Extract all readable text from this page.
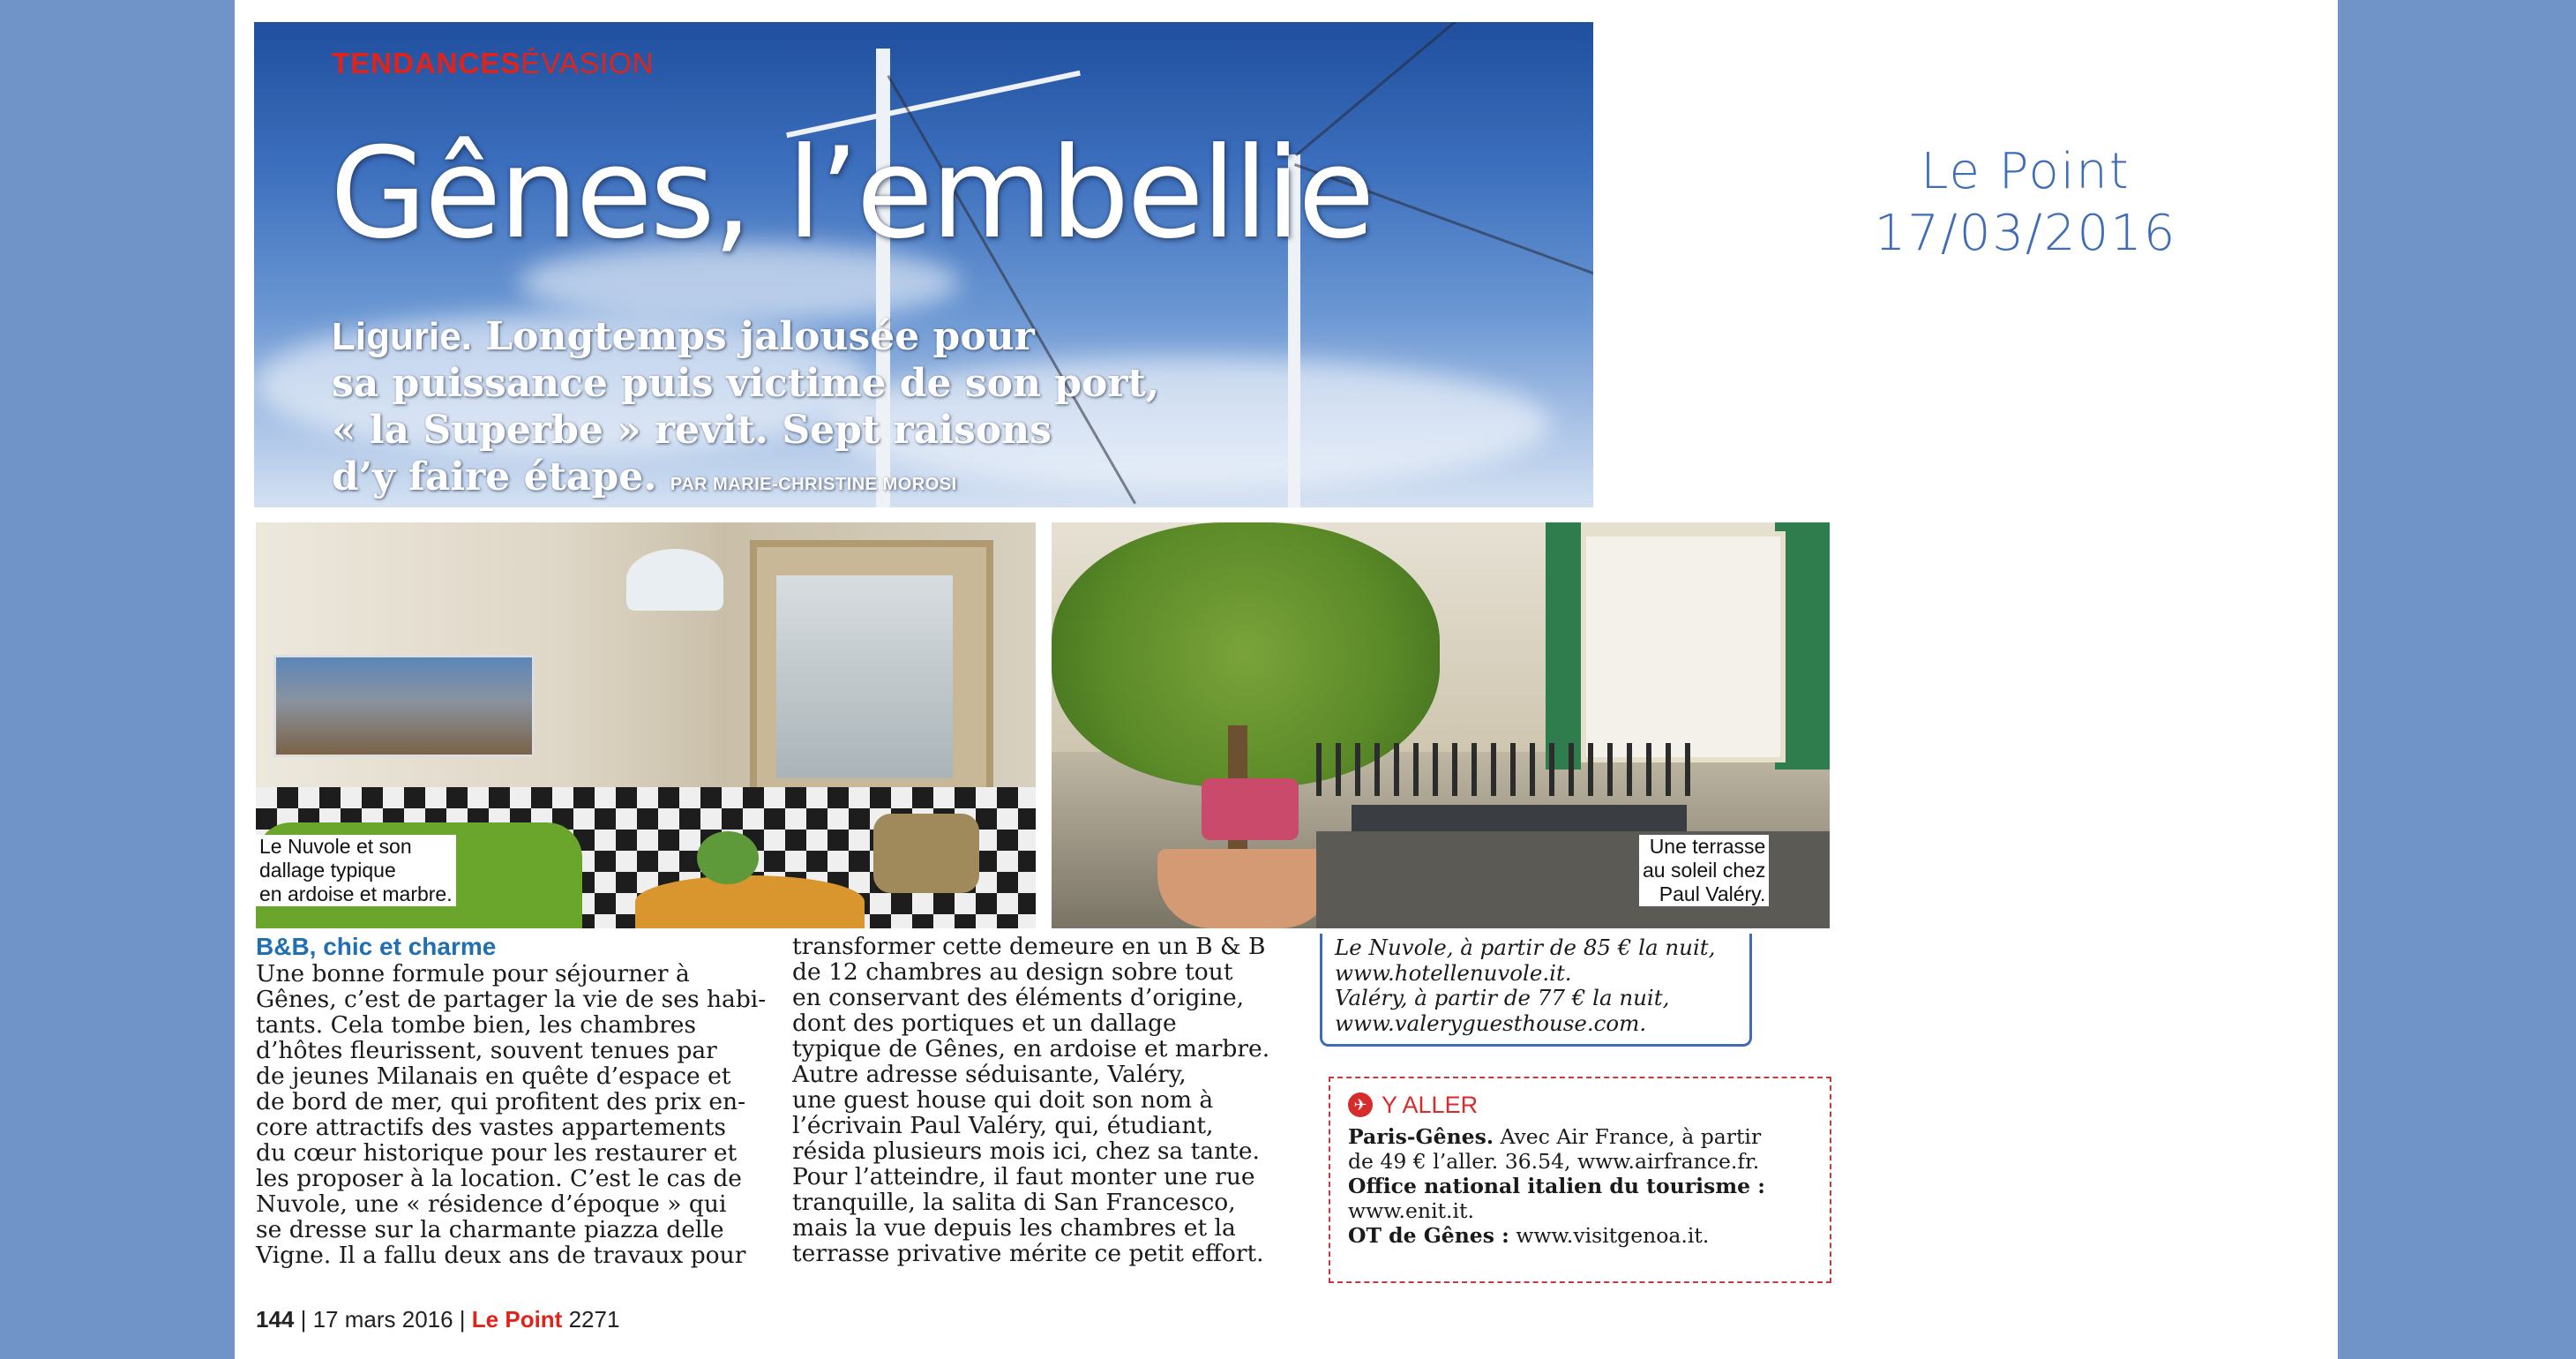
TENDANCESÉVASION
Gênes, l’embellie
Ligurie. Longtemps jalousée pour
sa puissance puis victime de son port,
« la Superbe » revit. Sept raisons
d’y faire étape. PAR MARIE-CHRISTINE MOROSI
Le Point
17/03/2016
Le Nuvole et son
dallage typique
en ardoise et marbre.
Une terrasse
au soleil chez
Paul Valéry.
B&B, chic et charme
Une bonne formule pour séjourner à
Gênes, c’est de partager la vie de ses habi-
tants. Cela tombe bien, les chambres
d’hôtes fleurissent, souvent tenues par
de jeunes Milanais en quête d’espace et
de bord de mer, qui profitent des prix en-
core attractifs des vastes appartements
du cœur historique pour les restaurer et
les proposer à la location. C’est le cas de
Nuvole, une « résidence d’époque » qui
se dresse sur la charmante piazza delle
Vigne. Il a fallu deux ans de travaux pour
transformer cette demeure en un B & B
de 12 chambres au design sobre tout
en conservant des éléments d’origine,
dont des portiques et un dallage
typique de Gênes, en ardoise et marbre.
Autre adresse séduisante, Valéry,
une guest house qui doit son nom à
l’écrivain Paul Valéry, qui, étudiant,
résida plusieurs mois ici, chez sa tante.
Pour l’atteindre, il faut monter une rue
tranquille, la salita di San Francesco,
mais la vue depuis les chambres et la
terrasse privative mérite ce petit effort.
Le Nuvole, à partir de 85 € la nuit,
www.hotellenuvole.it.
Valéry, à partir de 77 € la nuit,
www.valeryguesthouse.com.
✈ Y ALLER
Paris-Gênes. Avec Air France, à partir
de 49 € l’aller. 36.54, www.airfrance.fr.
Office national italien du tourisme :
www.enit.it.
OT de Gênes : www.visitgenoa.it.
144 | 17 mars 2016 | Le Point 2271
